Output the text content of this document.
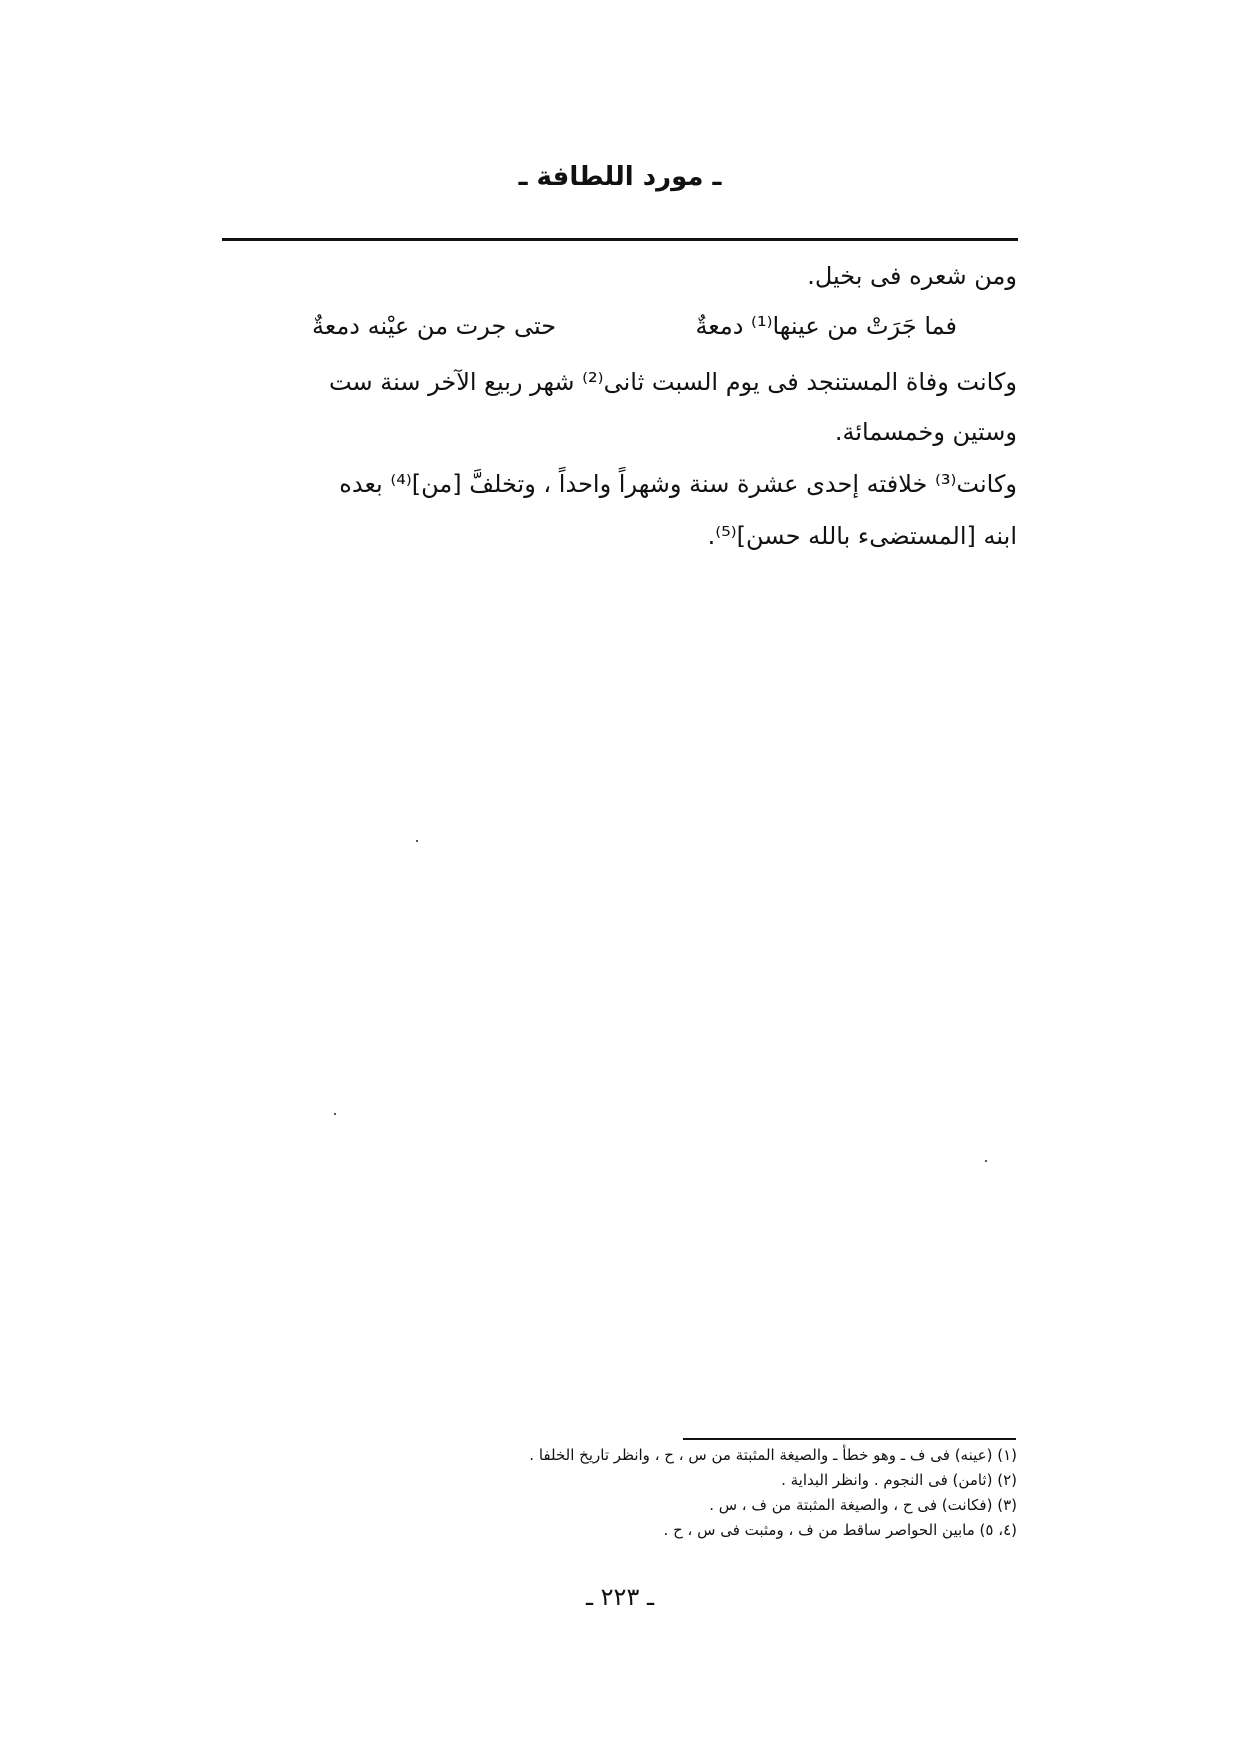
ـ مورد اللطافة ـ
ومن شعره فى بخيل.
فما جَرَتْ من عينها⁽¹⁾ دمعةٌ
حتى جرت من عيْنه دمعةٌ
وكانت وفاة المستنجد فى يوم السبت ثانى⁽²⁾ شهر ربيع الآخر سنة ست
وستين وخمسمائة.
وكانت⁽³⁾ خلافته إحدى عشرة سنة وشهراً واحداً ، وتخلفَّ [من]⁽⁴⁾ بعده
ابنه [المستضىء بالله حسن]⁽⁵⁾.
(١) (عينه) فى ف ـ وهو خطأ ـ والصيغة المثبتة من س ، ح ، وانظر تاريخ الخلفا .
(٢) (ثامن) فى النجوم . وانظر البداية .
(٣) (فكانت) فى ح ، والصيغة المثبتة من ف ، س .
(٤، ٥) مابين الحواصر ساقط من ف ، ومثبت فى س ، ح .
ـ ٢٢٣ ـ
